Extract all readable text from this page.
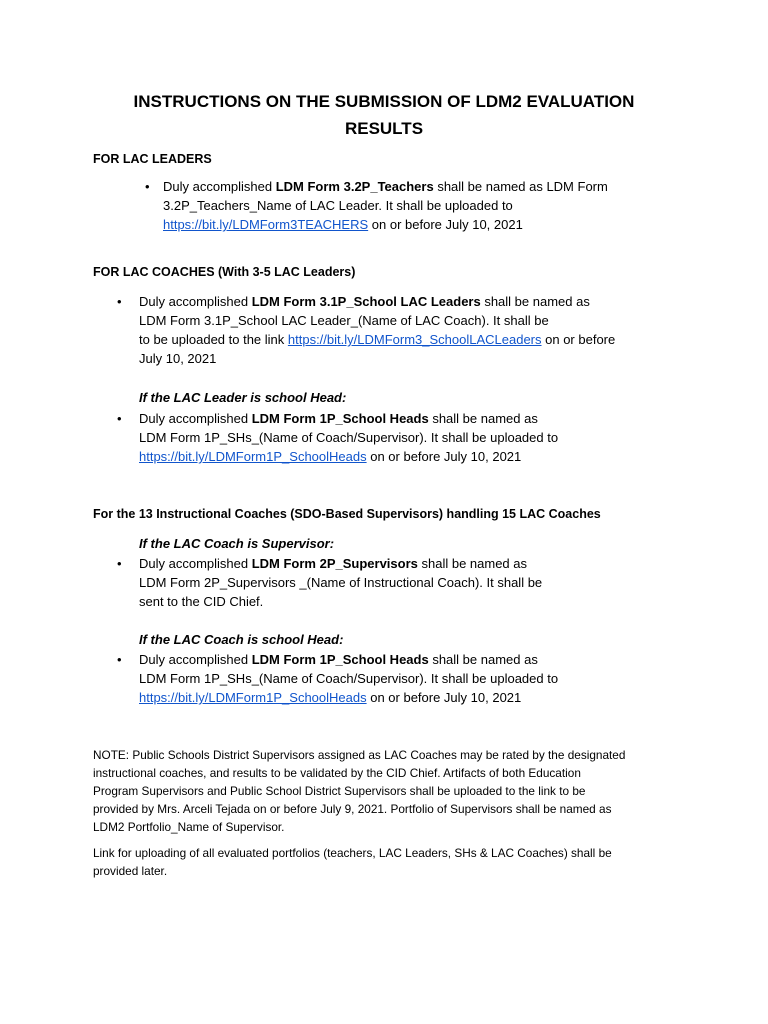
INSTRUCTIONS ON THE SUBMISSION OF LDM2 EVALUATION
RESULTS
FOR LAC LEADERS
• Duly accomplished LDM Form 3.2P_Teachers shall be named as LDM Form
3.2P_Teachers_Name of LAC Leader. It shall be uploaded to
https://bit.ly/LDMForm3TEACHERS on or before July 10, 2021
FOR LAC COACHES (With 3-5 LAC Leaders)
• Duly accomplished LDM Form 3.1P_School LAC Leaders shall be named as
LDM Form 3.1P_School LAC Leader_(Name of LAC Coach). It shall be
to be uploaded to the link https://bit.ly/LDMForm3_SchoolLACLeaders on or before
July 10, 2021
If the LAC Leader is school Head:
• Duly accomplished LDM Form 1P_School Heads shall be named as
LDM Form 1P_SHs_(Name of Coach/Supervisor). It shall be uploaded to
https://bit.ly/LDMForm1P_SchoolHeads on or before July 10, 2021
For the 13 Instructional Coaches (SDO-Based Supervisors) handling 15 LAC Coaches
If the LAC Coach is Supervisor:
• Duly accomplished LDM Form 2P_Supervisors shall be named as
LDM Form 2P_Supervisors _(Name of Instructional Coach). It shall be
sent to the CID Chief.
If the LAC Coach is school Head:
• Duly accomplished LDM Form 1P_School Heads shall be named as
LDM Form 1P_SHs_(Name of Coach/Supervisor). It shall be uploaded to
https://bit.ly/LDMForm1P_SchoolHeads on or before July 10, 2021
NOTE: Public Schools District Supervisors assigned as LAC Coaches may be rated by the designated
instructional coaches, and results to be validated by the CID Chief. Artifacts of both Education
Program Supervisors and Public School District Supervisors shall be uploaded to the link to be
provided by Mrs. Arceli Tejada on or before July 9, 2021. Portfolio of Supervisors shall be named as
LDM2 Portfolio_Name of Supervisor.
Link for uploading of all evaluated portfolios (teachers, LAC Leaders, SHs & LAC Coaches) shall be
provided later.
